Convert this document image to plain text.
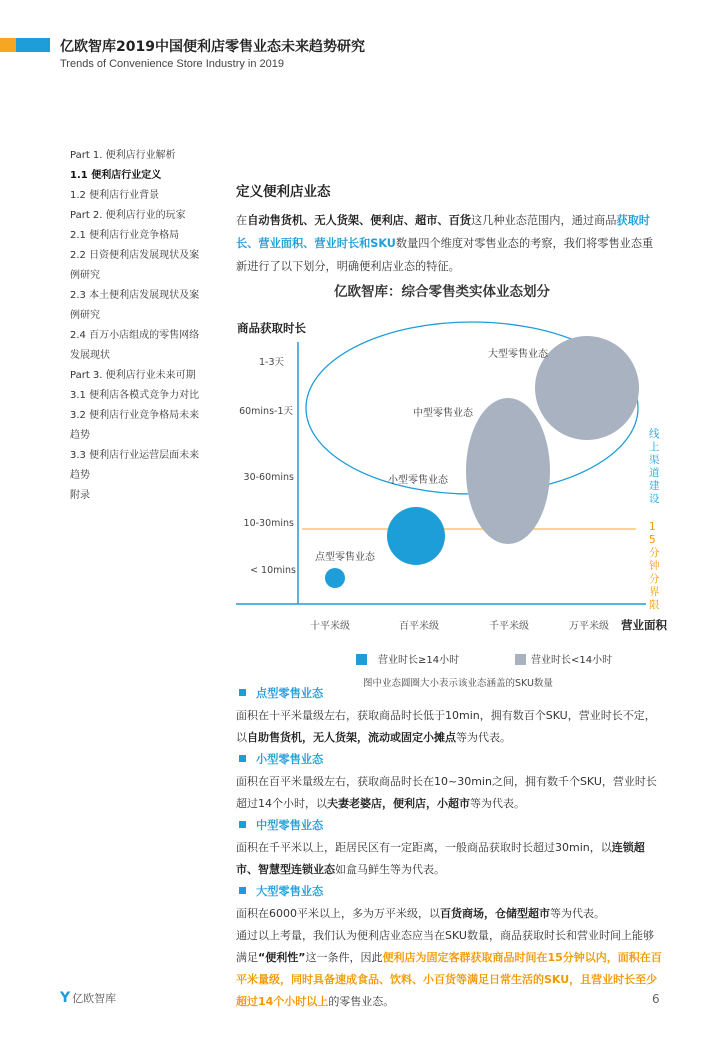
亿欧智库2019中国便利店零售业态未来趋势研究
Trends of Convenience Store Industry in 2019
Part 1. 便利店行业解析
1.1 便利店行业定义
1.2 便利店行业背景
Part 2. 便利店行业的玩家
2.1 便利店行业竞争格局
2.2 日资便利店发展现状及案
例研究
2.3 本土便利店发展现状及案
例研究
2.4 百万小店组成的零售网络
发展现状
Part 3. 便利店行业未来可期
3.1 便利店各模式竞争力对比
3.2 便利店行业竞争格局未来
趋势
3.3 便利店行业运营层面未来
趋势
附录
定义便利店业态
在自动售货机、无人货架、便利店、超市、百货这几种业态范围内，通过商品获取时长、营业面积、营业时长和SKU数量四个维度对零售业态的考察，我们将零售业态重新进行了以下划分，明确便利店业态的特征。
亿欧智库：综合零售类实体业态划分
商品获取时长
营业面积
< 10mins
10-30mins
30-60mins
60mins-1天
1-3天
十平米级	百平米级	千平米级	万平米级
点型零售业态
小型零售业态
中型零售业态
大型零售业态
线上渠道建设
1 5 分钟分界限
营业时长≥14小时	营业时长<14小时
图中业态圆圈大小表示该业态涵盖的SKU数量
点型零售业态

面积在十平米量级左右，获取商品时长低于10min，拥有数百个SKU，营业时长不定，以自助售货机，无人货架，流动或固定小摊点等为代表。

小型零售业态

面积在百平米量级左右，获取商品时长在10~30min之间，拥有数千个SKU，营业时长超过14个小时，以夫妻老婆店，便利店，小超市等为代表。

中型零售业态

面积在千平米以上，距居民区有一定距离，一般商品获取时长超过30min，以连锁超市、智慧型连锁业态如盒马鲜生等为代表。

大型零售业态

面积在6000平米以上，多为万平米级，以百货商场，仓储型超市等为代表。

通过以上考量，我们认为便利店业态应当在SKU数量，商品获取时长和营业时间上能够满足“便利性”这一条件，因此便利店为固定客群获取商品时间在15分钟以内，面积在百平米量级，同时具备速成食品、饮料、小百货等满足日常生活的SKU，且营业时长至少超过14个小时以上的零售业态。

Y 亿欧智库	6
